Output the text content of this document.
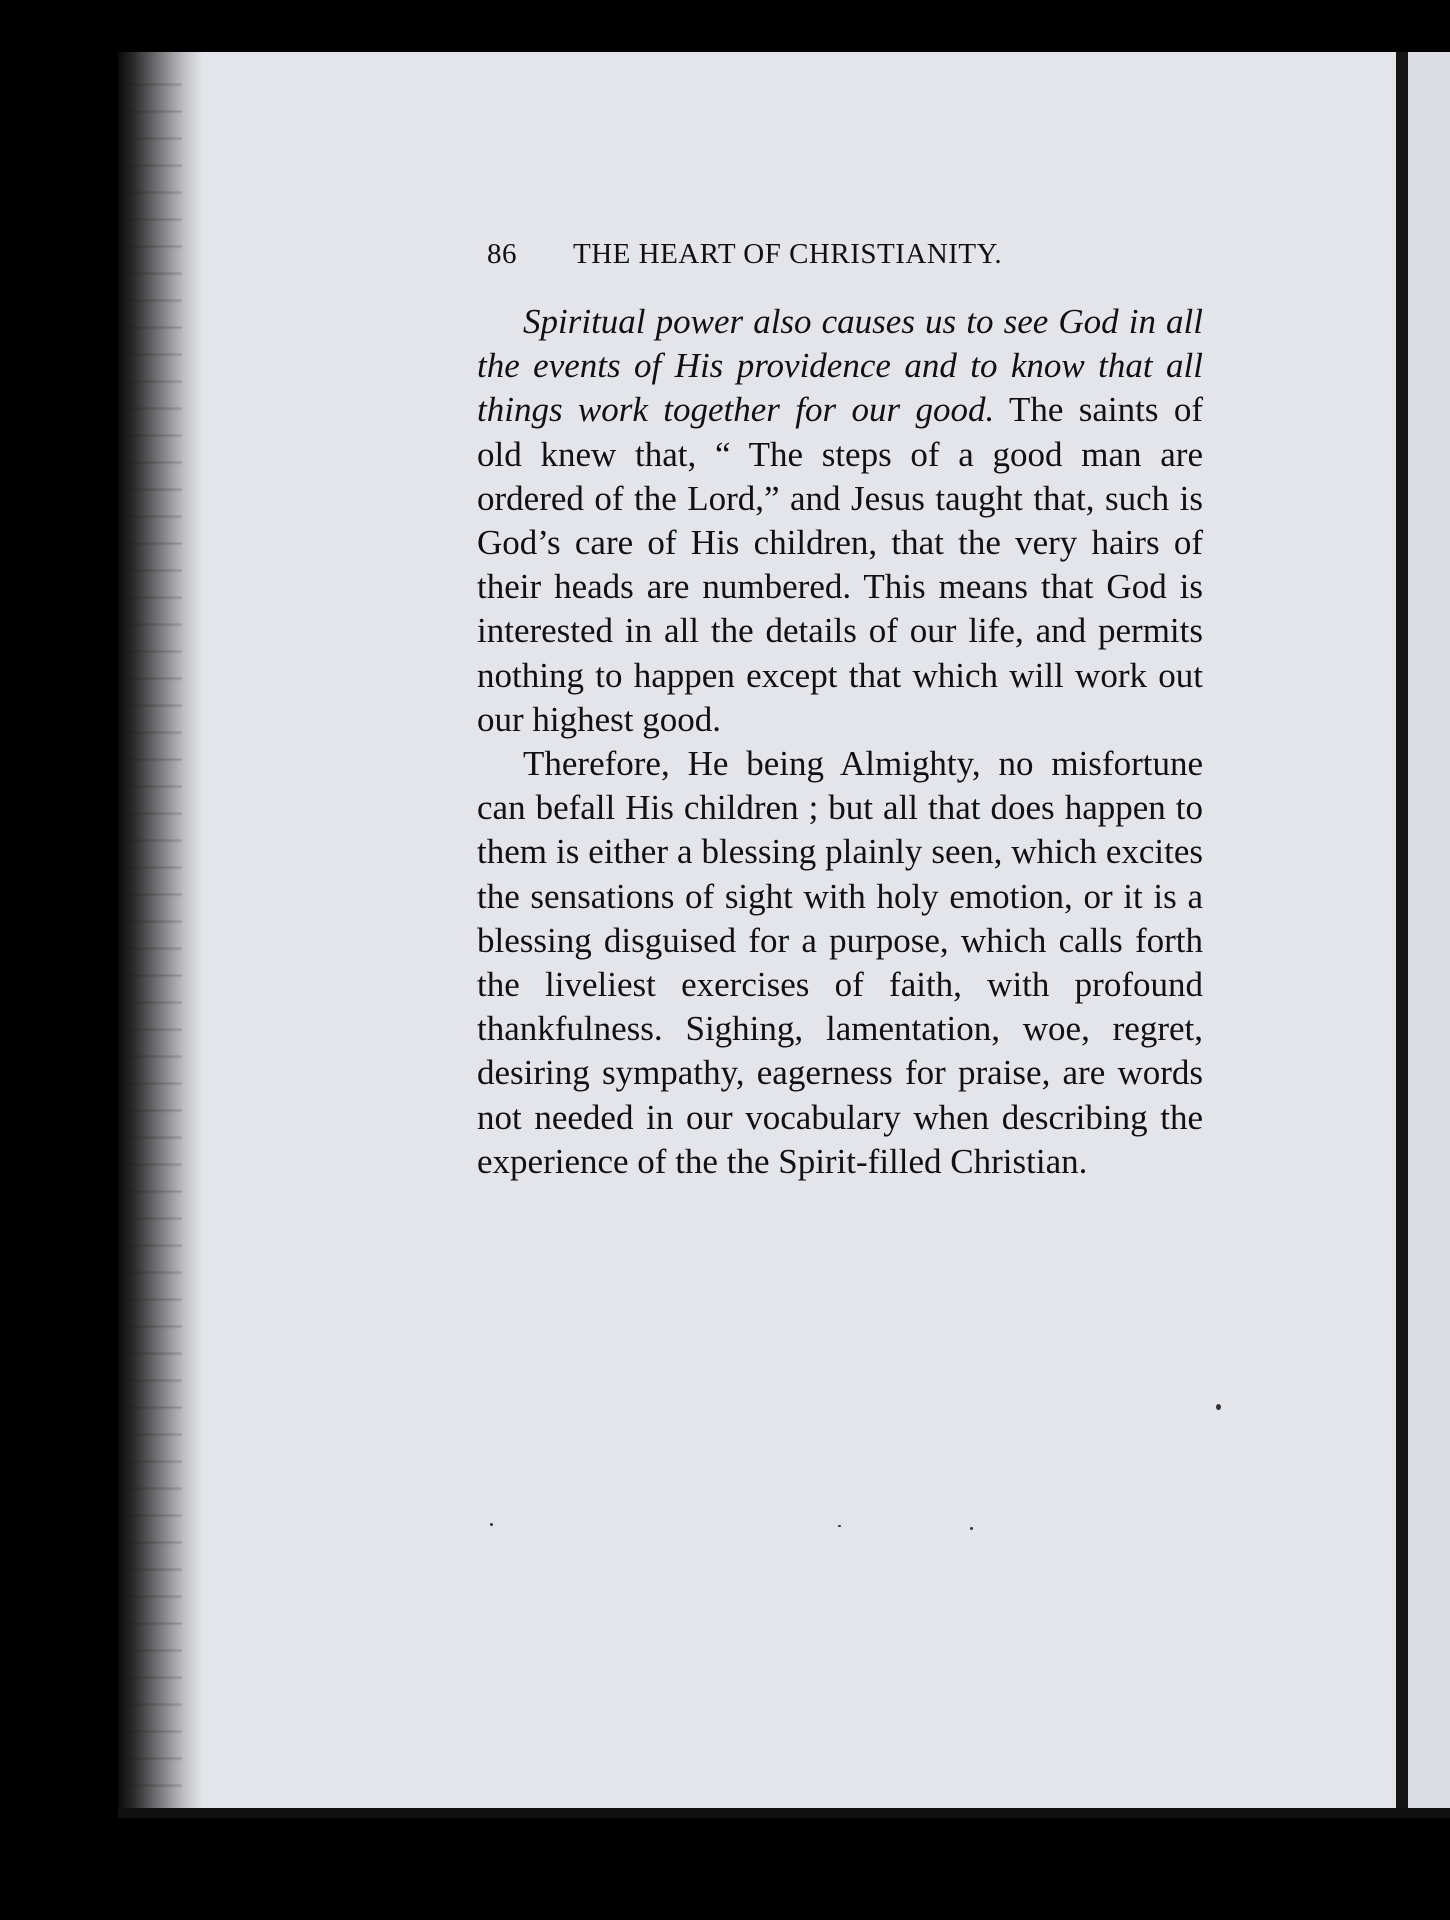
86 THE HEART OF CHRISTIANITY.

Spiritual power also causes us to see God in all the events of His providence and to know that all things work together for our good. The saints of old knew that, “ The steps of a good man are ordered of the Lord,” and Jesus taught that, such is God’s care of His children, that the very hairs of their heads are numbered. This means that God is interested in all the details of our life, and permits nothing to happen except that which will work out our highest good.

Therefore, He being Almighty, no misfortune can befall His children ; but all that does happen to them is either a blessing plainly seen, which excites the sensations of sight with holy emotion, or it is a blessing disguised for a purpose, which calls forth the liveliest exercises of faith, with profound thankfulness. Sighing, lamentation, woe, regret, desiring sympathy, eagerness for praise, are words not needed in our vocabulary when describing the experience of the the Spirit-filled Christian.
